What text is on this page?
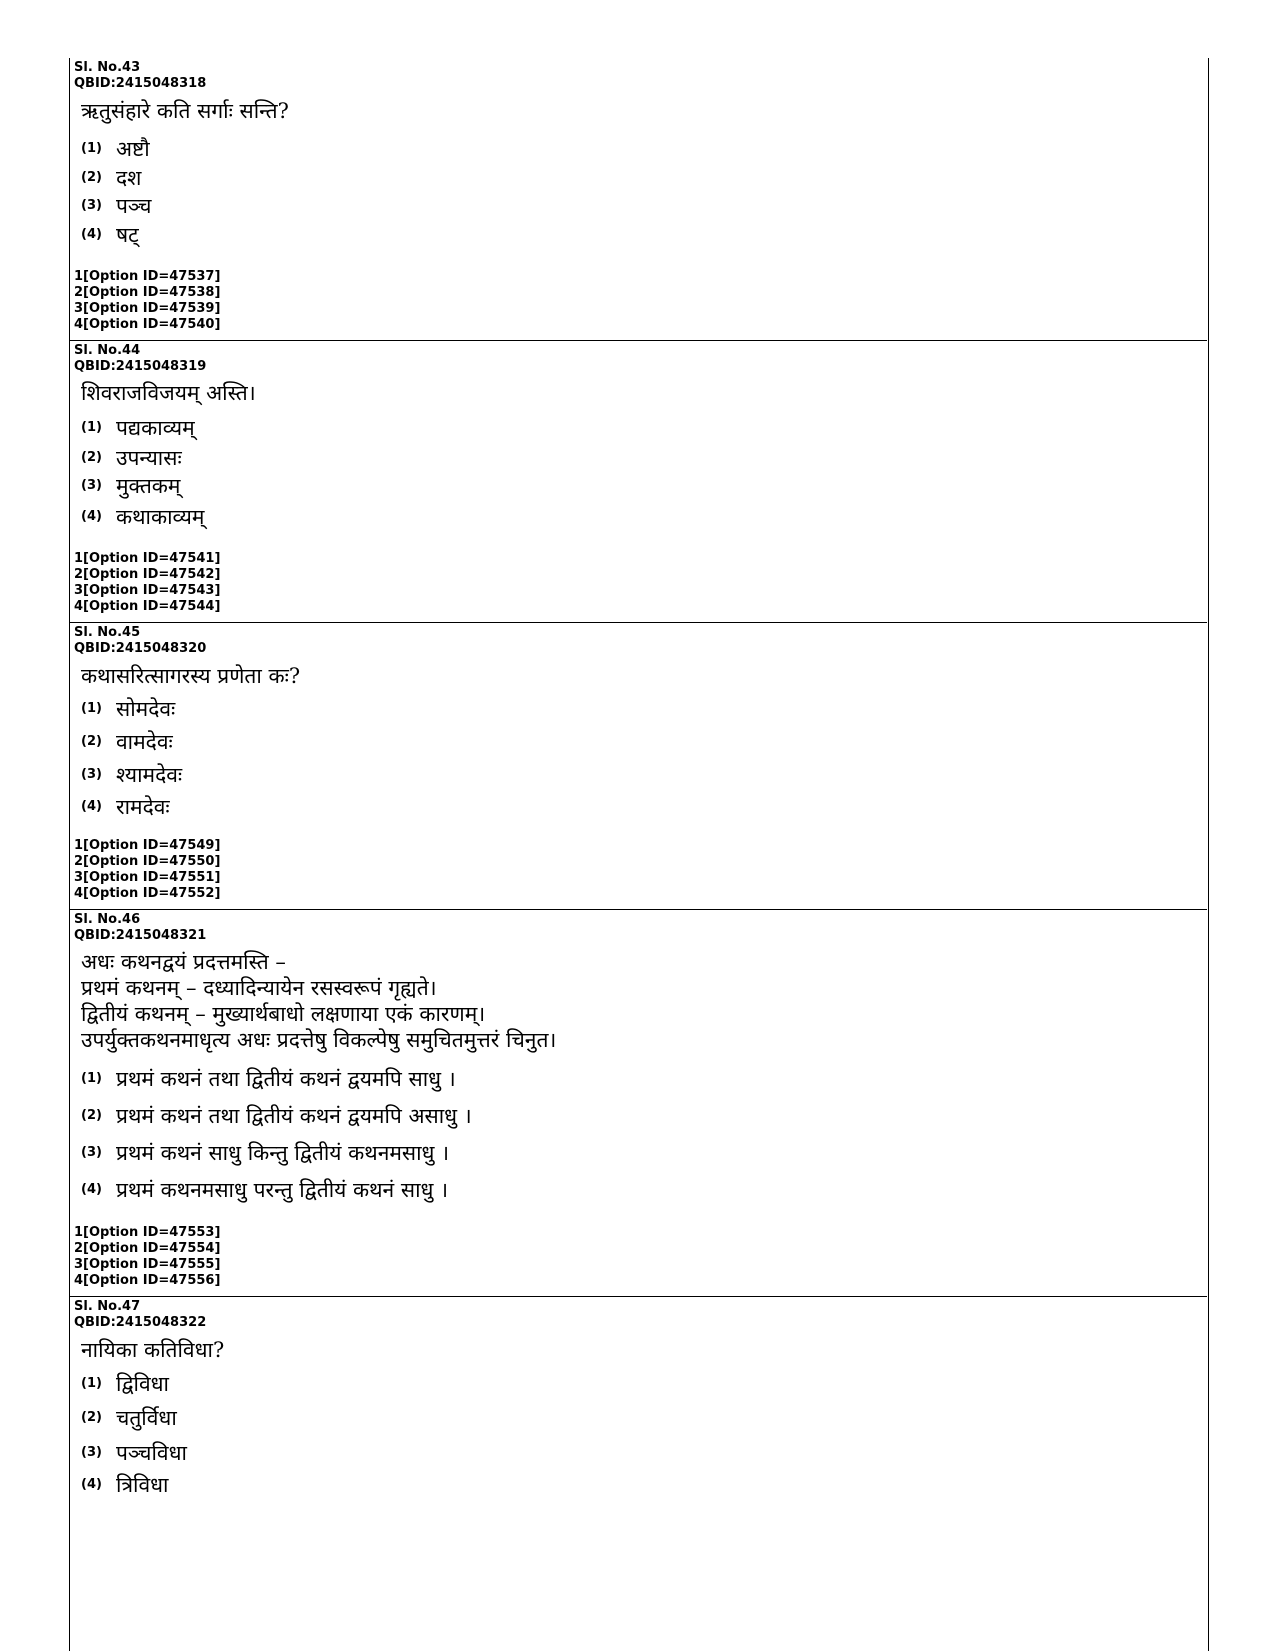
Sl. No.43
QBID:2415048318
ऋतुसंहारे कति सर्गाः सन्ति?
(1) अष्टौ
(2) दश
(3) पञ्च
(4) षट्
1[Option ID=47537]
2[Option ID=47538]
3[Option ID=47539]
4[Option ID=47540]
Sl. No.44
QBID:2415048319
शिवराजविजयम् अस्ति।
(1) पद्यकाव्यम्
(2) उपन्यासः
(3) मुक्तकम्
(4) कथाकाव्यम्
1[Option ID=47541]
2[Option ID=47542]
3[Option ID=47543]
4[Option ID=47544]
Sl. No.45
QBID:2415048320
कथासरित्सागरस्य प्रणेता कः?
(1) सोमदेवः
(2) वामदेवः
(3) श्यामदेवः
(4) रामदेवः
1[Option ID=47549]
2[Option ID=47550]
3[Option ID=47551]
4[Option ID=47552]
Sl. No.46
QBID:2415048321
अधः कथनद्वयं प्रदत्तमस्ति –
प्रथमं कथनम् – दध्यादिन्यायेन रसस्वरूपं गृह्यते।
द्वितीयं कथनम् – मुख्यार्थबाधो लक्षणाया एकं कारणम्।
उपर्युक्तकथनमाधृत्य अधः प्रदत्तेषु विकल्पेषु समुचितमुत्तरं चिनुत।
(1) प्रथमं कथनं तथा द्वितीयं कथनं द्वयमपि साधु ।
(2) प्रथमं कथनं तथा द्वितीयं कथनं द्वयमपि असाधु ।
(3) प्रथमं कथनं साधु किन्तु द्वितीयं कथनमसाधु ।
(4) प्रथमं कथनमसाधु परन्तु द्वितीयं कथनं साधु ।
1[Option ID=47553]
2[Option ID=47554]
3[Option ID=47555]
4[Option ID=47556]
Sl. No.47
QBID:2415048322
नायिका कतिविधा?
(1) द्विविधा
(2) चतुर्विधा
(3) पञ्चविधा
(4) त्रिविधा
